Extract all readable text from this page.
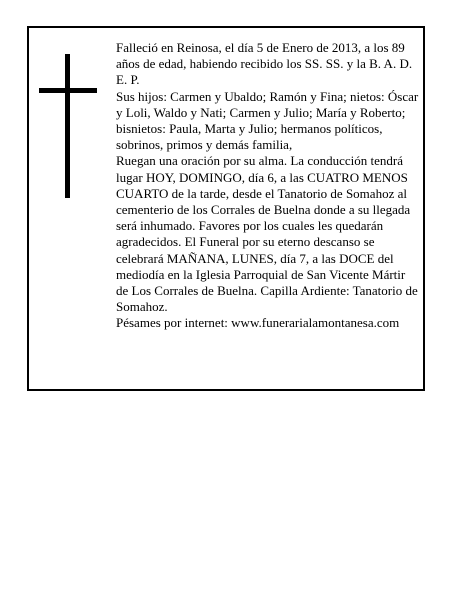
Falleció en Reinosa, el día 5 de Enero de 2013, a los 89 años de edad, habiendo recibido los SS. SS. y la B. A. D. E. P.

Sus hijos: Carmen y Ubaldo; Ramón y Fina; nietos: Óscar y Loli, Waldo y Nati; Carmen y Julio; María y Roberto; bisnietos: Paula, Marta y Julio; hermanos políticos, sobrinos, primos y demás familia,

Ruegan una oración por su alma. La conducción tendrá lugar HOY, DOMINGO, día 6, a las CUATRO MENOS CUARTO de la tarde, desde el Tanatorio de Somahoz al cementerio de los Corrales de Buelna donde a su llegada será inhumado. Favores por los cuales les quedarán agradecidos. El Funeral por su eterno descanso se celebrará MAÑANA, LUNES, día 7, a las DOCE del mediodía en la Iglesia Parroquial de San Vicente Mártir de Los Corrales de Buelna. Capilla Ardiente: Tanatorio de Somahoz.

Pésames por internet: www.funerarialamontanesa.com
